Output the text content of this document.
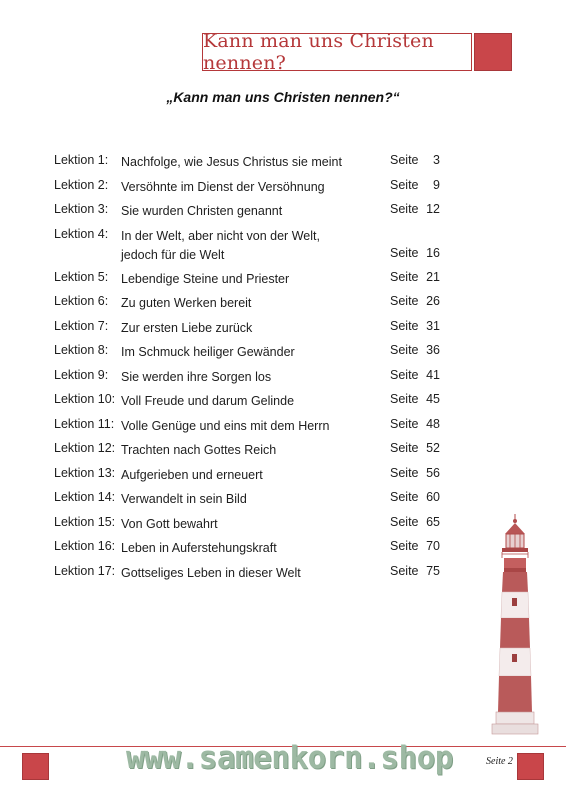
Kann man uns Christen nennen?
„Kann man uns Christen nennen?“
Lektion 1: Nachfolge, wie Jesus Christus sie meint	Seite 3
Lektion 2: Versöhnte im Dienst der Versöhnung	Seite 9
Lektion 3: Sie wurden Christen genannt	Seite 12
Lektion 4: In der Welt, aber nicht von der Welt,
jedoch für die Welt	Seite 16
Lektion 5: Lebendige Steine und Priester	Seite 21
Lektion 6: Zu guten Werken bereit	Seite 26
Lektion 7: Zur ersten Liebe zurück	Seite 31
Lektion 8: Im Schmuck heiliger Gewänder	Seite 36
Lektion 9: Sie werden ihre Sorgen los	Seite 41
Lektion 10: Voll Freude und darum Gelinde	Seite 45
Lektion 11: Volle Genüge und eins mit dem Herrn	Seite 48
Lektion 12: Trachten nach Gottes Reich	Seite 52
Lektion 13: Aufgerieben und erneuert	Seite 56
Lektion 14: Verwandelt in sein Bild	Seite 60
Lektion 15: Von Gott bewahrt	Seite 65
Lektion 16: Leben in Auferstehungskraft	Seite 70
Lektion 17: Gottseliges Leben in dieser Welt	Seite 75
www.samenkorn.shop	Seite 2
